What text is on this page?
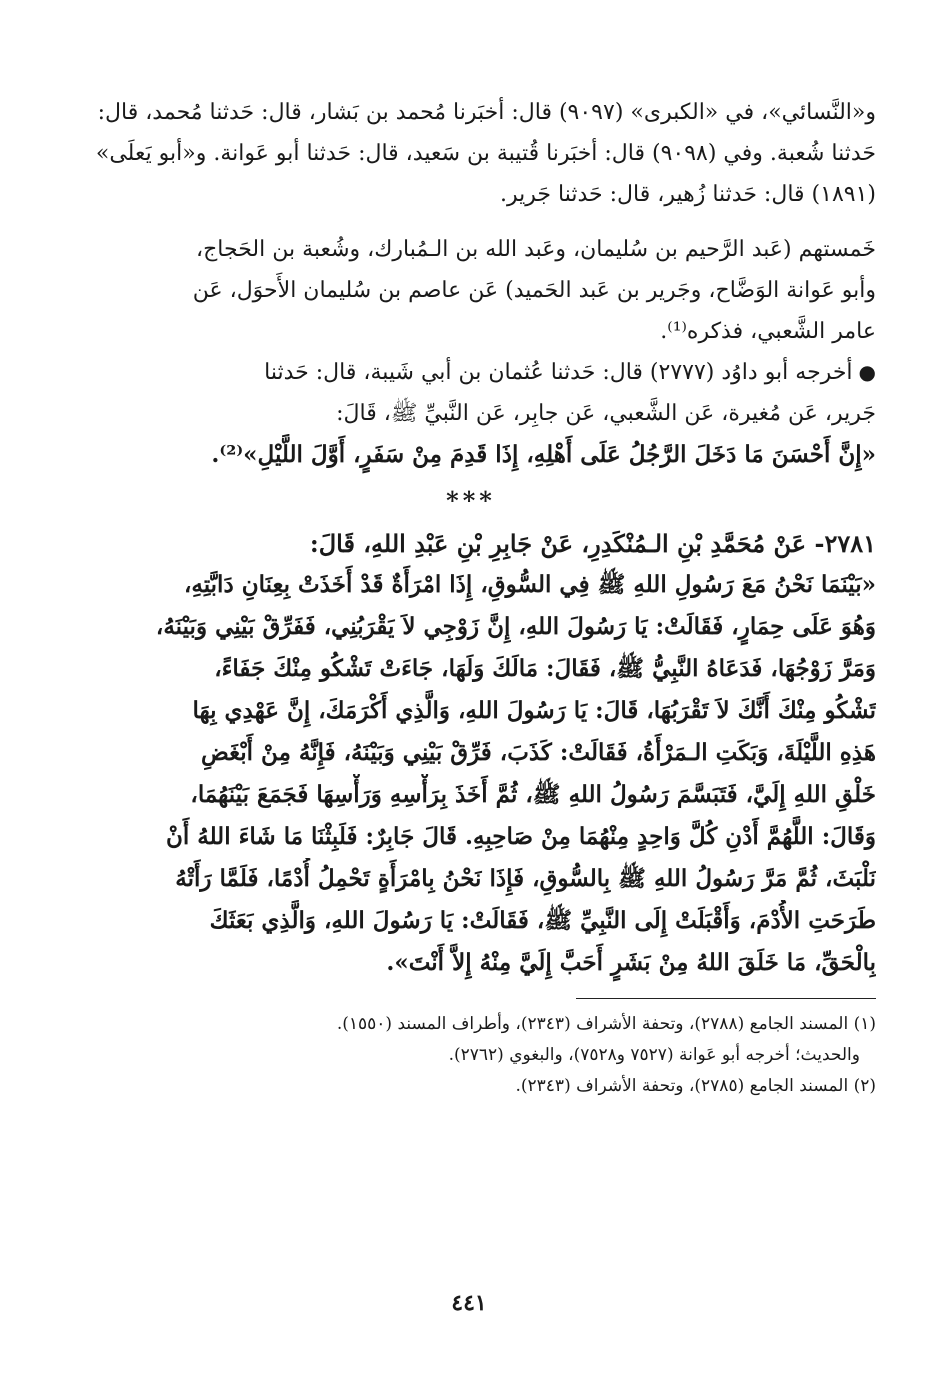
و«النَّسائي»، في «الكبرى» (٩٠٩٧) قال: أخبَرنا مُحمد بن بَشار، قال: حَدثنا مُحمد، قال:
حَدثنا شُعبة. وفي (٩٠٩٨) قال: أخبَرنا قُتيبة بن سَعيد، قال: حَدثنا أبو عَوانة. و«أبو يَعلَى»
(١٨٩١) قال: حَدثنا زُهير، قال: حَدثنا جَرير.
خَمستهم (عَبد الرَّحيم بن سُليمان، وعَبد الله بن الـمُبارك، وشُعبة بن الحَجاج،
وأبو عَوانة الوَضَّاح، وجَرير بن عَبد الحَميد) عَن عاصم بن سُليمان الأَحوَل، عَن
عامر الشَّعبي، فذكره⁽¹⁾.
●أخرجه أبو داوُد (٢٧٧٧) قال: حَدثنا عُثمان بن أبي شَيبة، قال: حَدثنا
جَرير، عَن مُغيرة، عَن الشَّعبي، عَن جابِر، عَن النَّبيِّ ﷺ، قَالَ:
«إِنَّ أَحْسَنَ مَا دَخَلَ الرَّجُلُ عَلَى أَهْلِهِ، إِذَا قَدِمَ مِنْ سَفَرٍ، أَوَّلَ اللَّيْلِ»⁽²⁾.
***
٢٧٨١- عَنْ مُحَمَّدِ بْنِ الـمُنْكَدِرِ، عَنْ جَابِرِ بْنِ عَبْدِ اللهِ، قَالَ:
«بَيْنَمَا نَحْنُ مَعَ رَسُولِ اللهِ ﷺ فِي السُّوقِ، إِذَا امْرَأَةٌ قَدْ أَخَذَتْ بِعِنَانِ دَابَّتِهِ،
وَهُوَ عَلَى حِمَارٍ، فَقَالَتْ: يَا رَسُولَ اللهِ، إِنَّ زَوْجِي لاَ يَقْرَبُنِي، فَفَرِّقْ بَيْنِي وَبَيْنَهُ،
وَمَرَّ زَوْجُهَا، فَدَعَاهُ النَّبِيُّ ﷺ، فَقَالَ: مَالَكَ وَلَهَا، جَاءَتْ تَشْكُو مِنْكَ جَفَاءً،
تَشْكُو مِنْكَ أَنَّكَ لاَ تَقْرَبُهَا، قَالَ: يَا رَسُولَ اللهِ، وَالَّذِي أَكْرَمَكَ، إِنَّ عَهْدِي بِهَا
هَذِهِ اللَّيْلَةَ، وَبَكَتِ الـمَرْأَةُ، فَقَالَتْ: كَذَبَ، فَرِّقْ بَيْنِي وَبَيْنَهُ، فَإِنَّهُ مِنْ أَبْغَضِ
خَلْقِ اللهِ إِلَيَّ، فَتَبَسَّمَ رَسُولُ اللهِ ﷺ، ثُمَّ أَخَذَ بِرَأْسِهِ وَرَأْسِهَا فَجَمَعَ بَيْنَهُمَا،
وَقَالَ: اللَّهُمَّ أَدْنِ كُلَّ وَاحِدٍ مِنْهُمَا مِنْ صَاحِبِهِ. قَالَ جَابِرٌ: فَلَبِثْنَا مَا شَاءَ اللهُ أَنْ
نَلْبَثَ، ثُمَّ مَرَّ رَسُولُ اللهِ ﷺ بِالسُّوقِ، فَإِذَا نَحْنُ بِامْرَأَةٍ تَحْمِلُ أُدْمًا، فَلَمَّا رَأَتْهُ
طَرَحَتِ الأُدْمَ، وَأَقْبَلَتْ إِلَى النَّبِيِّ ﷺ، فَقَالَتْ: يَا رَسُولَ اللهِ، وَالَّذِي بَعَثَكَ
بِالْحَقِّ، مَا خَلَقَ اللهُ مِنْ بَشَرٍ أَحَبَّ إِلَيَّ مِنْهُ إِلاَّ أَنْتَ».
(١) المسند الجامع (٢٧٨٨)، وتحفة الأشراف (٢٣٤٣)، وأطراف المسند (١٥٥٠).
والحديث؛ أخرجه أبو عَوانة (٧٥٢٧ و٧٥٢٨)، والبغوي (٢٧٦٢).
(٢) المسند الجامع (٢٧٨٥)، وتحفة الأشراف (٢٣٤٣).
٤٤١
